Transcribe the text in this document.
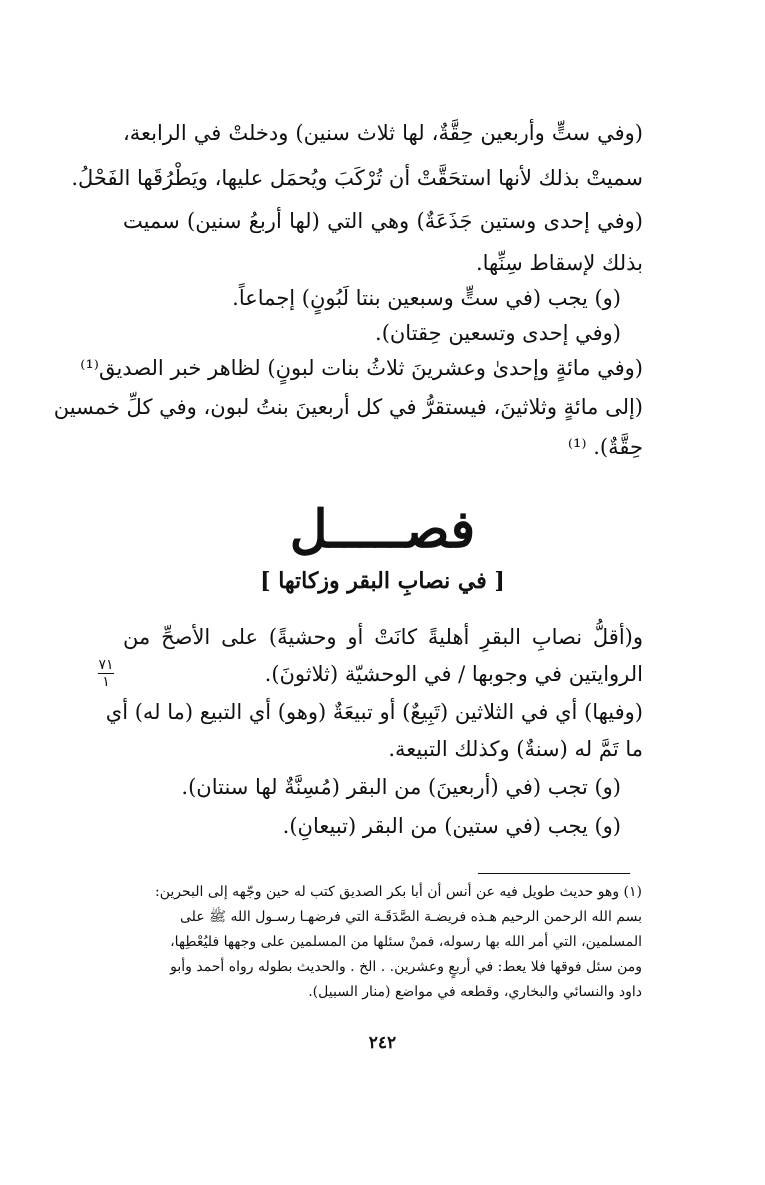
(وفي ستٍّ وأربعين حِقَّةٌ، لها ثلاث سنين) ودخلتْ في الرابعة،
سميتْ بذلك لأنها استحَقَّتْ أن تُرْكَبَ ويُحمَل عليها، ويَطْرُقَها الفَحْلُ.
(وفي إحدى وستين جَذَعَةٌ) وهي التي (لها أربعُ سنين) سميت
بذلك لإسقاط سِنِّها.
(و) يجب (في ستٍّ وسبعين بنتا لَبُونٍ) إجماعاً.
(وفي إحدى وتسعين حِقتان).
(وفي مائةٍ وإحدىٰ وعشرينَ ثلاثُ بنات لبونٍ) لظاهر خبر الصديق⁽¹⁾
(إلى مائةٍ وثلاثينَ، فيستقرُّ في كل أربعينَ بنتُ لبون، وفي كلِّ خمسين
حِقَّةٌ). ⁽¹⁾
فصـــــل
[ في نصابِ البقر وزكاتها ]
و(أقلُّ نصابِ البقرِ أهليةً كانَتْ أو وحشيةً) على الأصحِّ من
الروايتين في وجوبها / في الوحشيّة (ثلاثونَ).
٧١
١
(وفيها) أي في الثلاثين (تَبِيعٌ) أو تبيعَةٌ (وهو) أي التبيع (ما له) أي
ما تَمَّ له (سنةٌ) وكذلك التبيعة.
(و) تجب (في (أربعينَ) من البقر (مُسِنَّةٌ لها سنتان).
(و) يجب (في ستين) من البقر (تبيعانِ).
(١) وهو حديث طويل فيه عن أنس أن أبا بكر الصديق كتب له حين وجّهه إلى البحرين:
بسم الله الرحمن الرحيم هـذه فريضـة الصَّدَقَـة التي فرضهـا رسـول الله ﷺ على
المسلمين، التي أمر الله بها رسوله، فمنْ سئلها من المسلمين على وجهها فليُعْطِها،
ومن سئل فوقها فلا يعط: في أربعٍ وعشرين. . الخ . والحديث بطوله رواه أحمد وأبو
داود والنسائي والبخاري، وقطعه في مواضع (منار السبيل).
٢٤٢
